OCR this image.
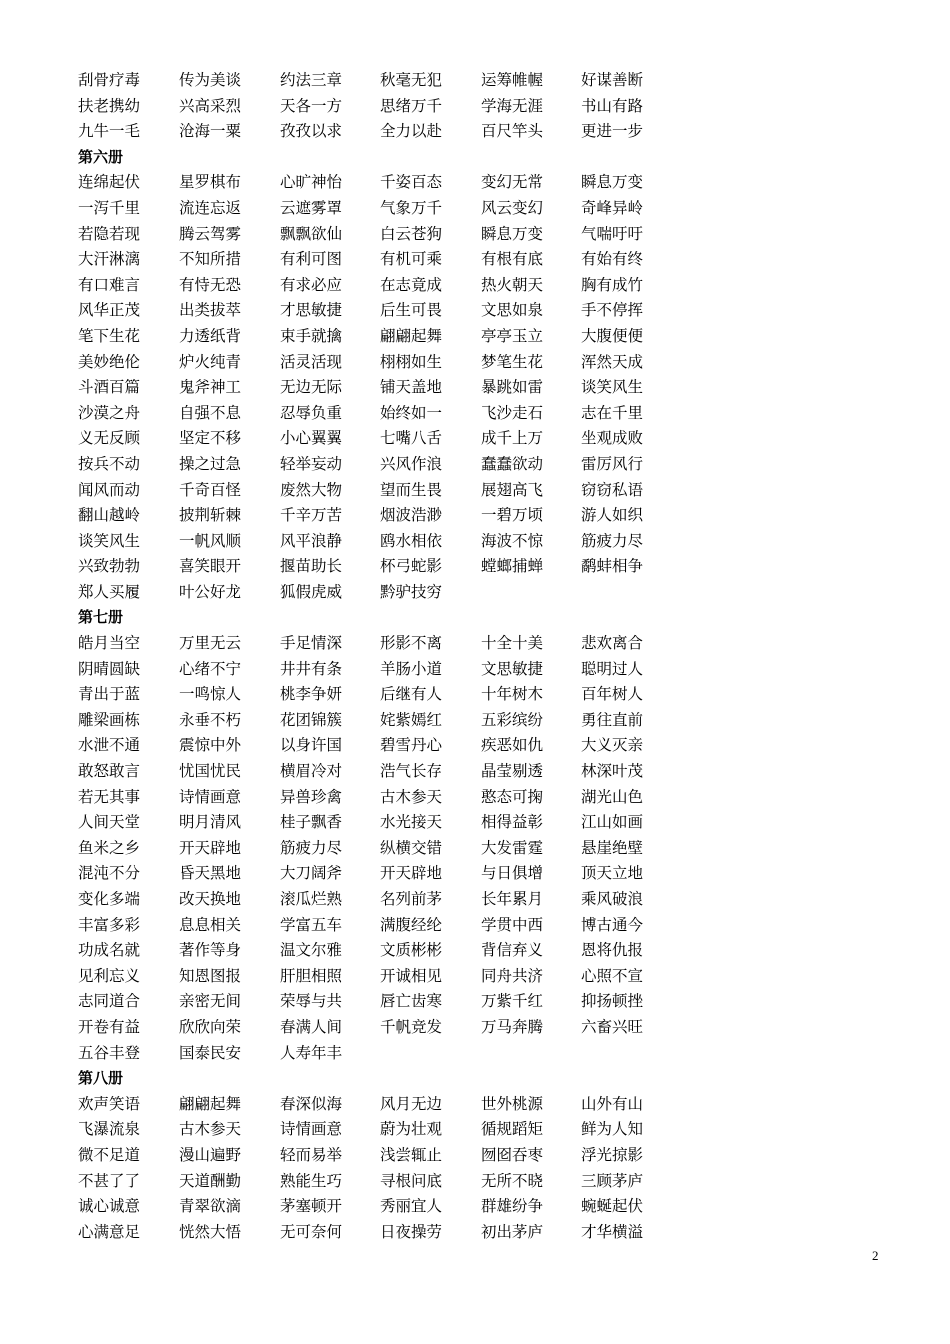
刮骨疗毒	传为美谈	约法三章 秋毫无犯	运筹帷幄 好谋善断
扶老携幼	兴高采烈	天各一方 思绪万千	学海无涯 书山有路
九牛一毛	沧海一粟	孜孜以求 全力以赴	百尺竿头 更进一步
第六册
连绵起伏	星罗棋布	心旷神怡 千姿百态	变幻无常 瞬息万变
一泻千里	流连忘返	云遮雾罩 气象万千	风云变幻 奇峰异岭
若隐若现	腾云驾雾	飘飘欲仙 白云苍狗	瞬息万变 气喘吁吁
大汗淋漓	不知所措	有利可图 有机可乘	有根有底 有始有终
有口难言	有恃无恐	有求必应 在志竟成	热火朝天 胸有成竹
风华正茂	出类拔萃	才思敏捷 后生可畏	文思如泉 手不停挥
笔下生花	力透纸背	束手就擒 翩翩起舞	亭亭玉立 大腹便便
美妙绝伦	炉火纯青	活灵活现 栩栩如生	梦笔生花 浑然天成
斗酒百篇	鬼斧神工	无边无际 铺天盖地	暴跳如雷 谈笑风生
沙漠之舟	自强不息	忍辱负重 始终如一	飞沙走石 志在千里
义无反顾	坚定不移	小心翼翼 七嘴八舌	成千上万 坐观成败
按兵不动	操之过急	轻举妄动 兴风作浪	蠢蠢欲动 雷厉风行
闻风而动	千奇百怪	废然大物 望而生畏	展翅高飞 窃窃私语
翻山越岭	披荆斩棘	千辛万苦 烟波浩渺	一碧万顷 游人如织
谈笑风生	一帆风顺	风平浪静 鸥水相依	海波不惊 筋疲力尽
兴致勃勃	喜笑眼开	揠苗助长 杯弓蛇影	螳螂捕蝉 鹬蚌相争
郑人买履	叶公好龙	狐假虎威 黔驴技穷
第七册
皓月当空	万里无云	手足情深 形影不离	十全十美 悲欢离合
阴晴圆缺	心绪不宁	井井有条 羊肠小道	文思敏捷 聪明过人
青出于蓝	一鸣惊人	桃李争妍 后继有人	十年树木 百年树人
雕梁画栋	永垂不朽	花团锦簇 姹紫嫣红	五彩缤纷 勇往直前
水泄不通	震惊中外	以身许国 碧雪丹心	疾恶如仇 大义灭亲
敢怒敢言	忧国忧民	横眉冷对 浩气长存	晶莹剔透 林深叶茂
若无其事	诗情画意	异兽珍禽 古木参天	憨态可掬 湖光山色
人间天堂	明月清风	桂子飘香 水光接天	相得益彰 江山如画
鱼米之乡	开天辟地	筋疲力尽 纵横交错	大发雷霆 悬崖绝壁
混沌不分	昏天黑地	大刀阔斧 开天辟地	与日俱增 顶天立地
变化多端	改天换地	滚瓜烂熟 名列前茅	长年累月 乘风破浪
丰富多彩	息息相关	学富五车 满腹经纶	学贯中西 博古通今
功成名就	著作等身	温文尔雅 文质彬彬	背信弃义 恩将仇报
见利忘义	知恩图报	肝胆相照 开诚相见	同舟共济 心照不宣
志同道合	亲密无间	荣辱与共 唇亡齿寒	万紫千红 抑扬顿挫
开卷有益	欣欣向荣	春满人间 千帆竞发	万马奔腾 六畜兴旺
五谷丰登	国泰民安	人寿年丰
第八册
欢声笑语	翩翩起舞	春深似海 风月无边	世外桃源 山外有山
飞瀑流泉	古木参天	诗情画意 蔚为壮观	循规蹈矩 鲜为人知
微不足道	漫山遍野	轻而易举 浅尝辄止	囫囵吞枣 浮光掠影
不甚了了	天道酬勤	熟能生巧 寻根问底	无所不晓 三顾茅庐
诚心诚意	青翠欲滴	茅塞顿开 秀丽宜人	群雄纷争 蜿蜒起伏
心满意足	恍然大悟	无可奈何 日夜操劳	初出茅庐 才华横溢
2
